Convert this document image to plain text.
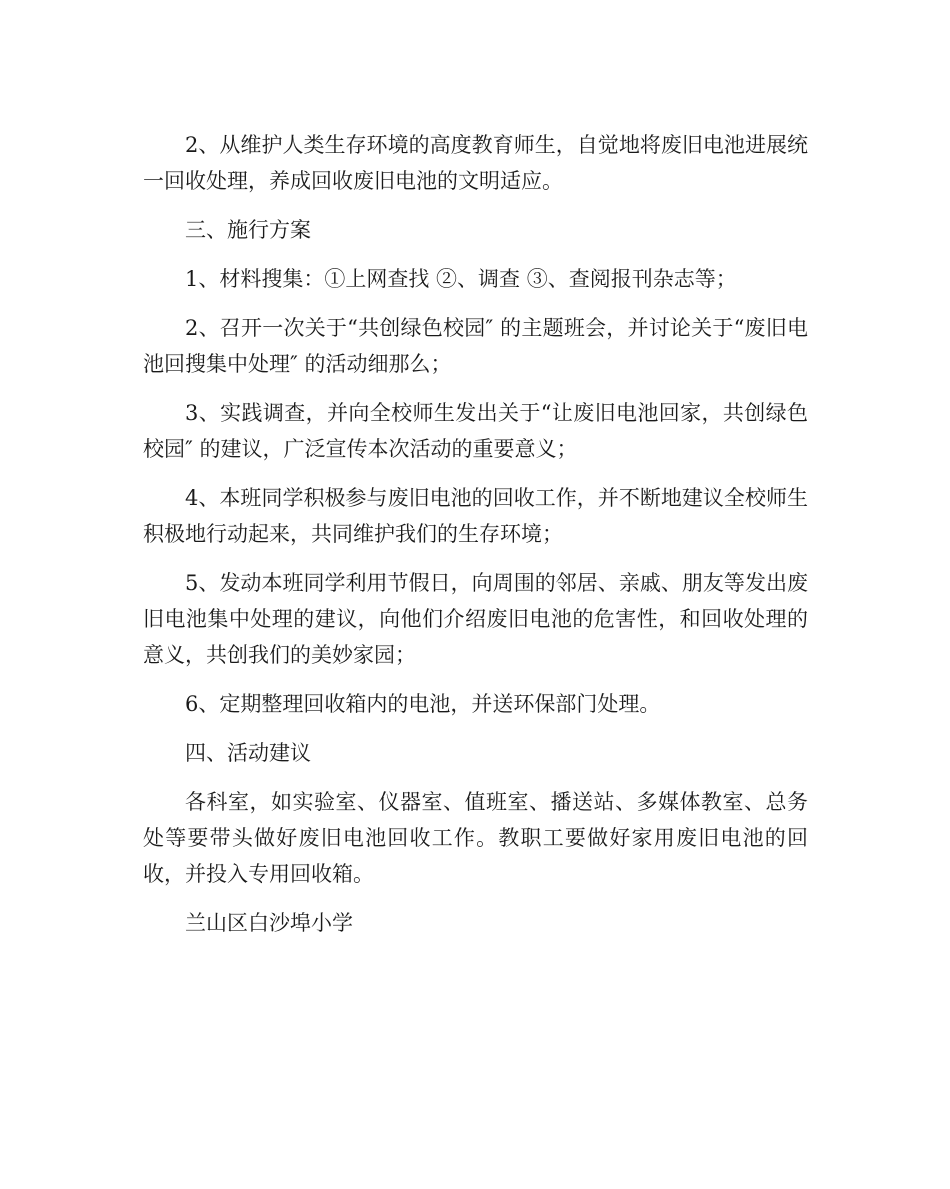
2、从维护人类生存环境的高度教育师生，自觉地将废旧电池进展统一回收处理，养成回收废旧电池的文明适应。

三、施行方案

1、材料搜集：①上网查找 ②、调查 ③、查阅报刊杂志等；

2、召开一次关于“共创绿色校园″ 的主题班会，并讨论关于“废旧电池回搜集中处理″ 的活动细那么；

3、实践调查，并向全校师生发出关于“让废旧电池回家，共创绿色校园″ 的建议，广泛宣传本次活动的重要意义；

4、本班同学积极参与废旧电池的回收工作，并不断地建议全校师生积极地行动起来，共同维护我们的生存环境；

5、发动本班同学利用节假日，向周围的邻居、亲戚、朋友等发出废旧电池集中处理的建议，向他们介绍废旧电池的危害性，和回收处理的意义，共创我们的美妙家园；

6、定期整理回收箱内的电池，并送环保部门处理。

四、活动建议

各科室，如实验室、仪器室、值班室、播送站、多媒体教室、总务处等要带头做好废旧电池回收工作。教职工要做好家用废旧电池的回收，并投入专用回收箱。

兰山区白沙埠小学
